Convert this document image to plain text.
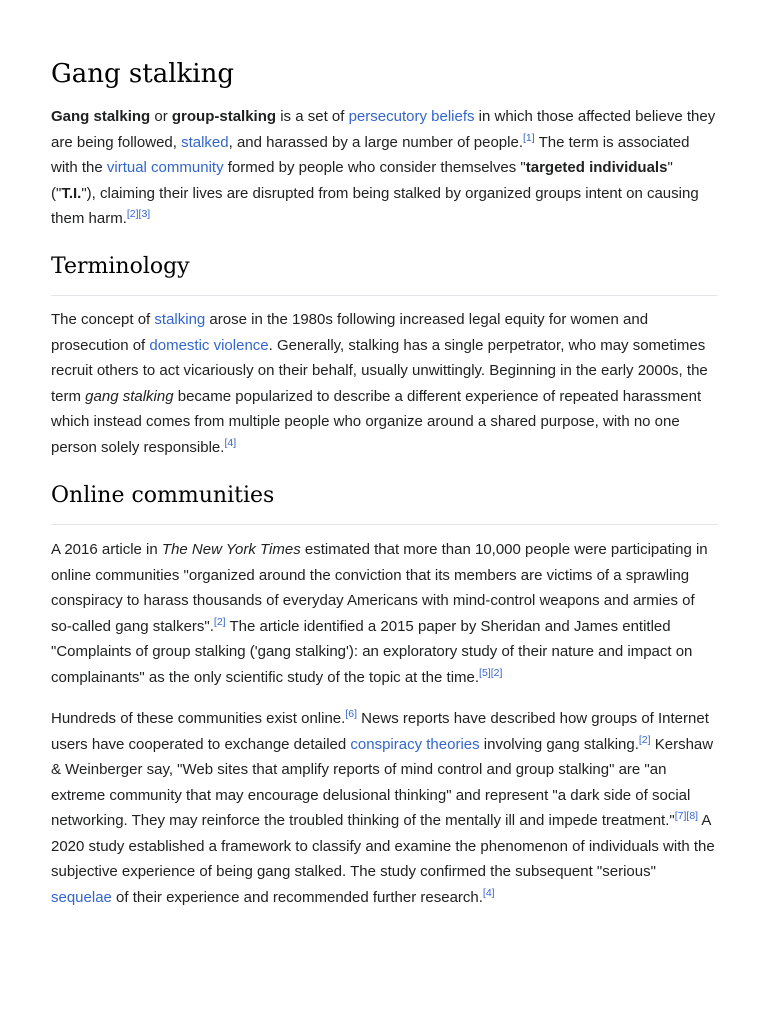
Gang stalking

Gang stalking or group-stalking is a set of persecutory beliefs in which those affected believe they are being followed, stalked, and harassed by a large number of people.[1] The term is associated with the virtual community formed by people who consider themselves "targeted individuals" ("T.I."), claiming their lives are disrupted from being stalked by organized groups intent on causing them harm.[2][3]

Terminology

The concept of stalking arose in the 1980s following increased legal equity for women and prosecution of domestic violence. Generally, stalking has a single perpetrator, who may sometimes recruit others to act vicariously on their behalf, usually unwittingly. Beginning in the early 2000s, the term gang stalking became popularized to describe a different experience of repeated harassment which instead comes from multiple people who organize around a shared purpose, with no one person solely responsible.[4]

Online communities

A 2016 article in The New York Times estimated that more than 10,000 people were participating in online communities "organized around the conviction that its members are victims of a sprawling conspiracy to harass thousands of everyday Americans with mind-control weapons and armies of so-called gang stalkers".[2] The article identified a 2015 paper by Sheridan and James entitled "Complaints of group stalking ('gang stalking'): an exploratory study of their nature and impact on complainants" as the only scientific study of the topic at the time.[5][2]

Hundreds of these communities exist online.[6] News reports have described how groups of Internet users have cooperated to exchange detailed conspiracy theories involving gang stalking.[2] Kershaw & Weinberger say, "Web sites that amplify reports of mind control and group stalking" are "an extreme community that may encourage delusional thinking" and represent "a dark side of social networking. They may reinforce the troubled thinking of the mentally ill and impede treatment."[7][8] A 2020 study established a framework to classify and examine the phenomenon of individuals with the subjective experience of being gang stalked. The study confirmed the subsequent "serious" sequelae of their experience and recommended further research.[4]
